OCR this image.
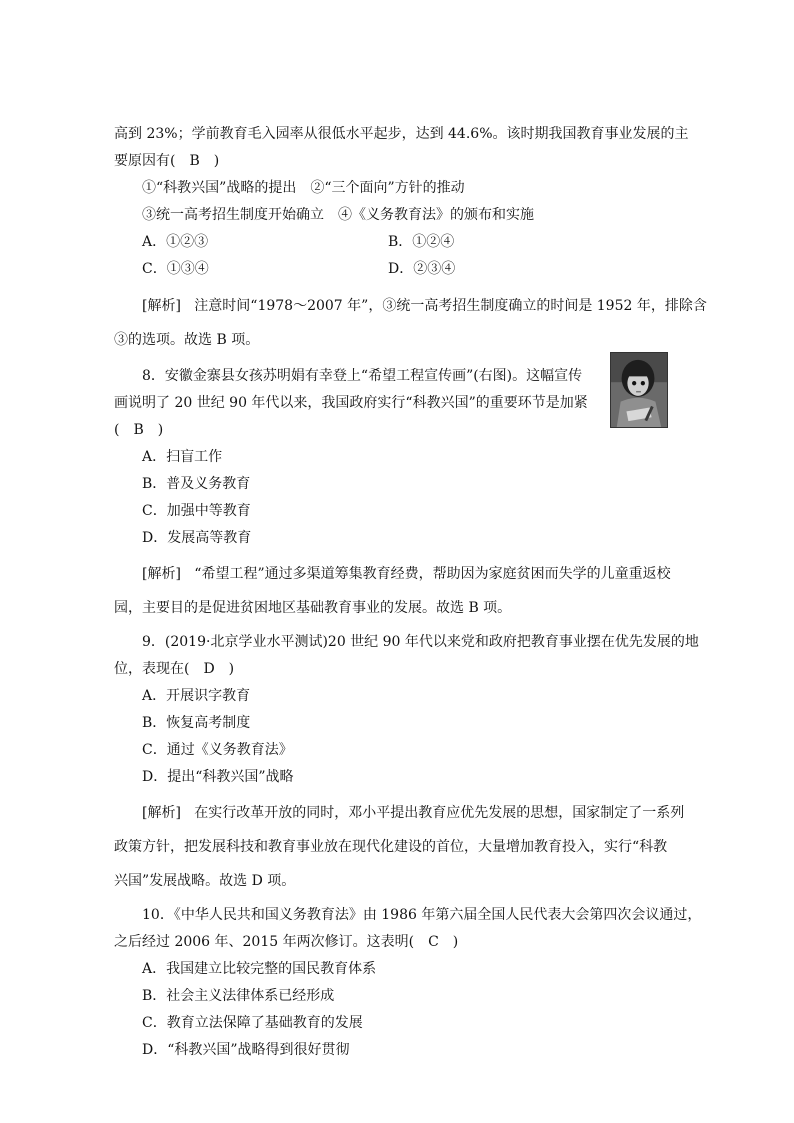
高到 23%；学前教育毛入园率从很低水平起步，达到 44.6%。该时期我国教育事业发展的主
要原因有(　B　)
①“科教兴国”战略的提出　②“三个面向”方针的推动
③统一高考招生制度开始确立　④《义务教育法》的颁布和实施
A．①②③	B．①②④
C．①③④	D．②③④
[解析] 注意时间“1978～2007 年”，③统一高考招生制度确立的时间是 1952 年，排除含
③的选项。故选 B 项。
8．安徽金寨县女孩苏明娟有幸登上“希望工程宣传画”(右图)。这幅宣传
画说明了 20 世纪 90 年代以来，我国政府实行“科教兴国”的重要环节是加紧
(　B　)
A．扫盲工作
B．普及义务教育
C．加强中等教育
D．发展高等教育
[解析] “希望工程”通过多渠道筹集教育经费，帮助因为家庭贫困而失学的儿童重返校
园，主要目的是促进贫困地区基础教育事业的发展。故选 B 项。
9．(2019·北京学业水平测试)20 世纪 90 年代以来党和政府把教育事业摆在优先发展的地
位，表现在(　D　)
A．开展识字教育
B．恢复高考制度
C．通过《义务教育法》
D．提出“科教兴国”战略
[解析] 在实行改革开放的同时，邓小平提出教育应优先发展的思想，国家制定了一系列
政策方针，把发展科技和教育事业放在现代化建设的首位，大量增加教育投入，实行“科教
兴国”发展战略。故选 D 项。
10．《中华人民共和国义务教育法》由 1986 年第六届全国人民代表大会第四次会议通过，
之后经过 2006 年、2015 年两次修订。这表明(　C　)
A．我国建立比较完整的国民教育体系
B．社会主义法律体系已经形成
C．教育立法保障了基础教育的发展
D．“科教兴国”战略得到很好贯彻
